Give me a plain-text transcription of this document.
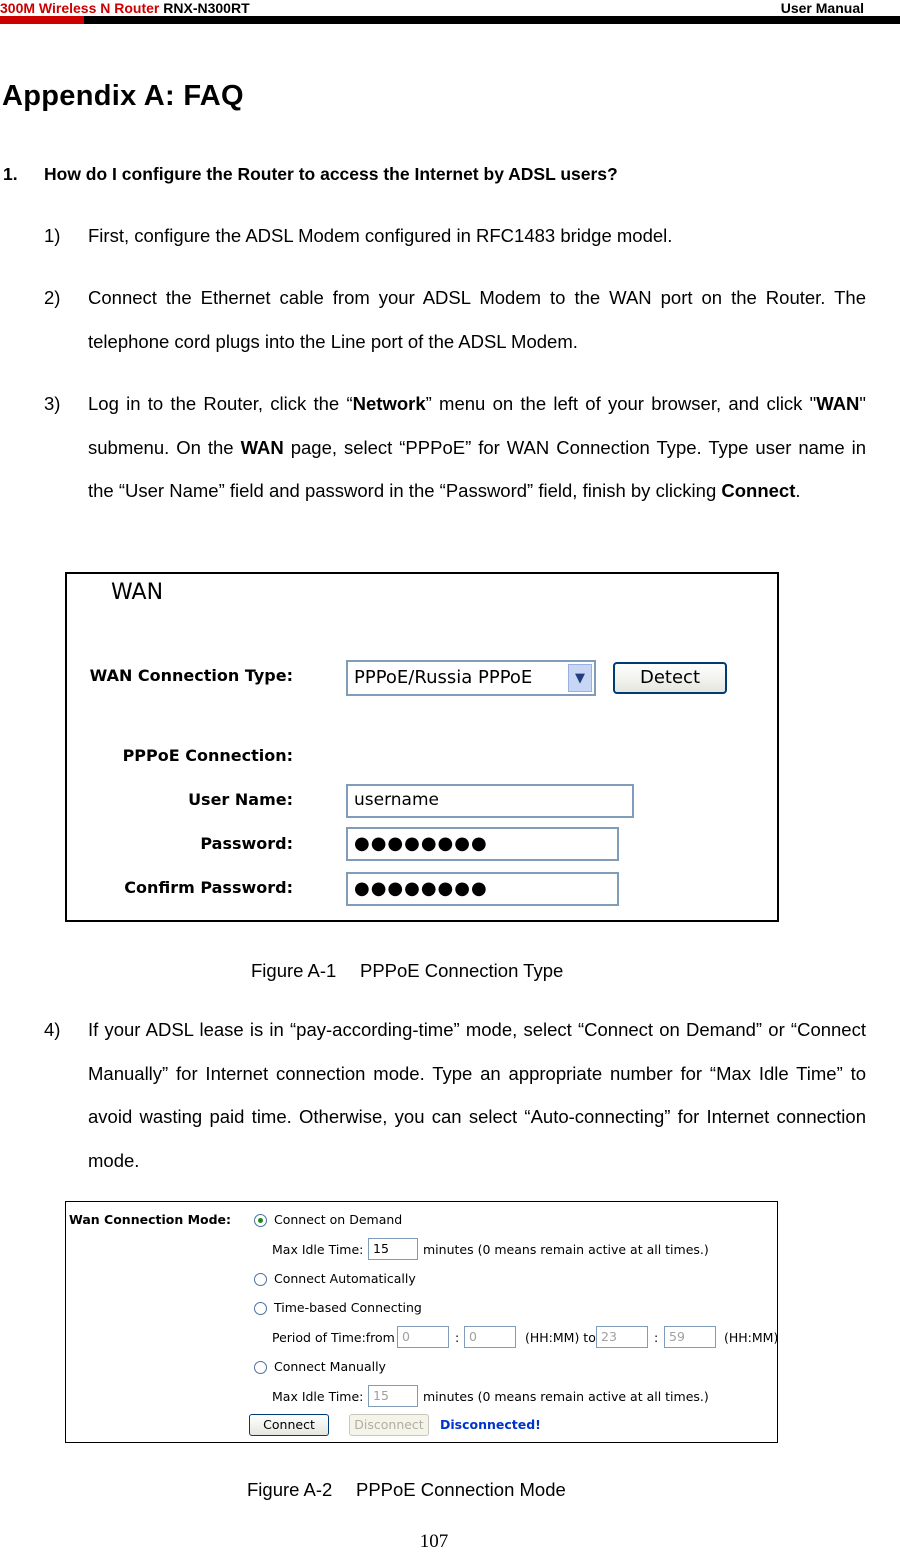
300M Wireless N Router RNX-N300RT	User Manual
Appendix A: FAQ
1. How do I configure the Router to access the Internet by ADSL users?
1) First, configure the ADSL Modem configured in RFC1483 bridge model.
2) Connect the Ethernet cable from your ADSL Modem to the WAN port on the Router. The telephone cord plugs into the Line port of the ADSL Modem.
3) Log in to the Router, click the “Network” menu on the left of your browser, and click "WAN" submenu. On the WAN page, select “PPPoE” for WAN Connection Type. Type user name in the “User Name” field and password in the “Password” field, finish by clicking Connect.
WAN
WAN Connection Type:	PPPoE/Russia PPPoE	▼	Detect
PPPoE Connection:
User Name:	username
Password:	●●●●●●●●
Confirm Password:	●●●●●●●●
Figure A-1  PPPoE Connection Type
4) If your ADSL lease is in “pay-according-time” mode, select “Connect on Demand” or “Connect Manually” for Internet connection mode. Type an appropriate number for “Max Idle Time” to avoid wasting paid time. Otherwise, you can select “Auto-connecting” for Internet connection mode.
Wan Connection Mode:	Connect on Demand
Max Idle Time: 15	minutes (0 means remain active at all times.)
Connect Automatically
Time-based Connecting
Period of Time:from 0	: 0	(HH:MM) to 23	: 59	(HH:MM)
Connect Manually
Max Idle Time: 15	minutes (0 means remain active at all times.)
Connect	Disconnect	Disconnected!
Figure A-2  PPPoE Connection Mode
107
